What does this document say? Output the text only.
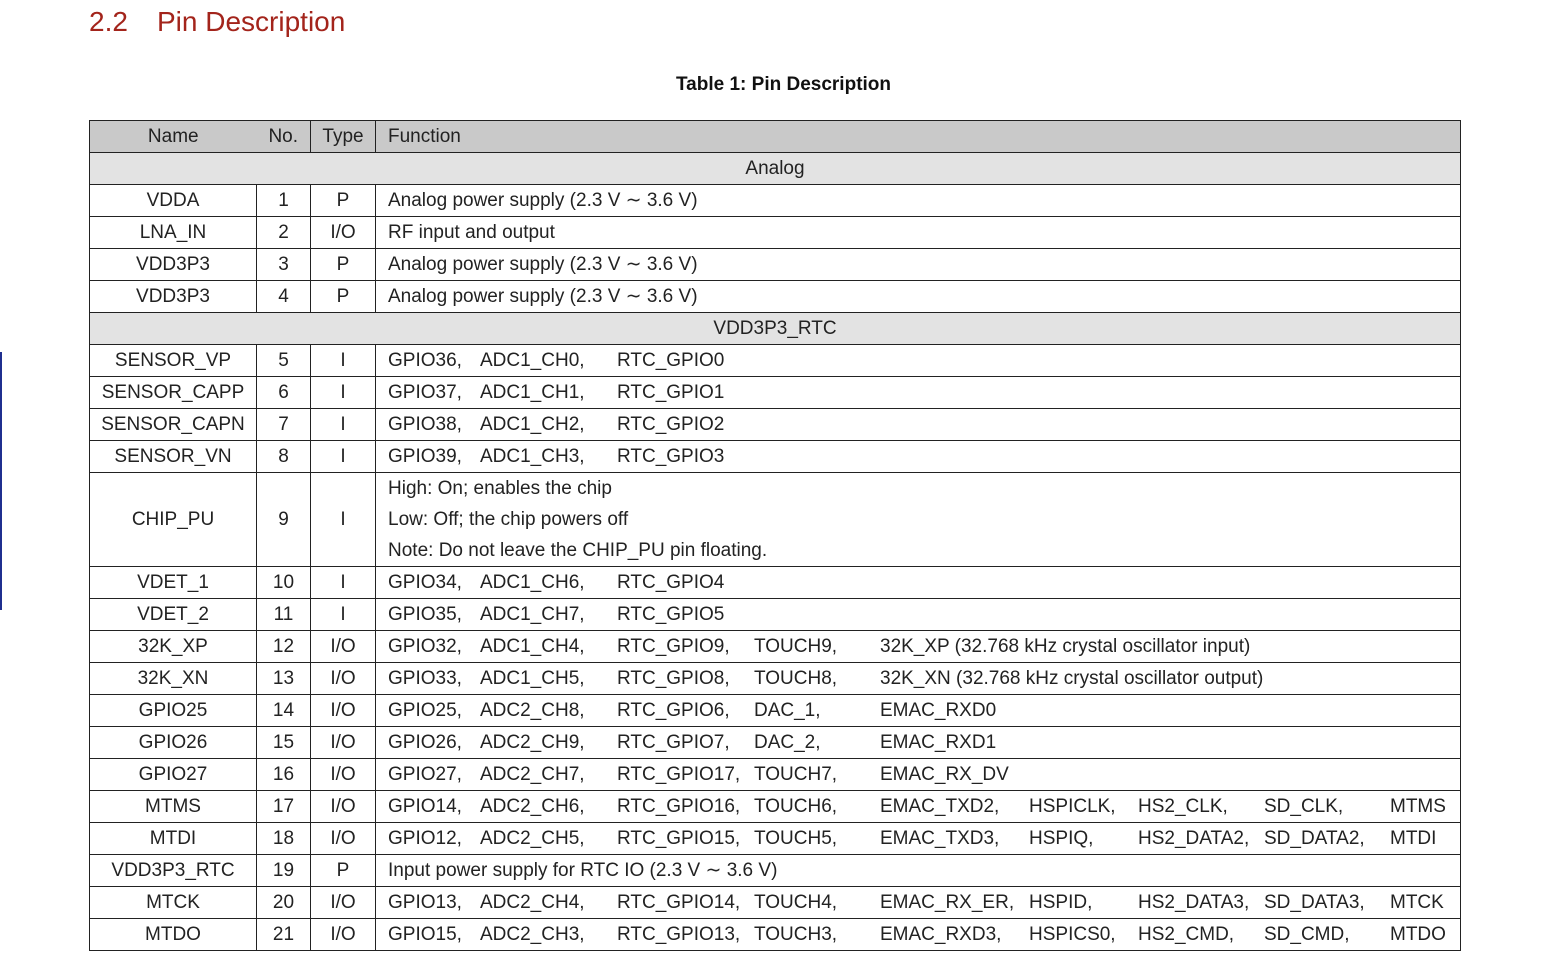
2.2 Pin Description
Table 1: Pin Description
Name	No.	Type	Function
Analog			
VDDA	1	P	Analog power supply (2.3 V ∼ 3.6 V)
LNA_IN	2	I/O	RF input and output
VDD3P3	3	P	Analog power supply (2.3 V ∼ 3.6 V)
VDD3P3	4	P	Analog power supply (2.3 V ∼ 3.6 V)
VDD3P3_RTC			
SENSOR_VP	5	I	GPIO36, ADC1_CH0, RTC_GPIO0
SENSOR_CAPP	6	I	GPIO37, ADC1_CH1, RTC_GPIO1
SENSOR_CAPN	7	I	GPIO38, ADC1_CH2, RTC_GPIO2
SENSOR_VN	8	I	GPIO39, ADC1_CH3, RTC_GPIO3
CHIP_PU	9	I	High: On; enables the chip
Low: Off; the chip powers off
Note: Do not leave the CHIP_PU pin floating.

VDET_1	10	I	GPIO34, ADC1_CH6, RTC_GPIO4
VDET_2	11	I	GPIO35, ADC1_CH7, RTC_GPIO5
32K_XP	12	I/O	GPIO32, ADC1_CH4, RTC_GPIO9, TOUCH9, 32K_XP (32.768 kHz crystal oscillator input)
32K_XN	13	I/O	GPIO33, ADC1_CH5, RTC_GPIO8, TOUCH8, 32K_XN (32.768 kHz crystal oscillator output)
GPIO25	14	I/O	GPIO25, ADC2_CH8, RTC_GPIO6, DAC_1, EMAC_RXD0
GPIO26	15	I/O	GPIO26, ADC2_CH9, RTC_GPIO7, DAC_2, EMAC_RXD1
GPIO27	16	I/O	GPIO27, ADC2_CH7, RTC_GPIO17, TOUCH7, EMAC_RX_DV
MTMS	17	I/O	GPIO14, ADC2_CH6, RTC_GPIO16, TOUCH6, EMAC_TXD2, HSPICLK, HS2_CLK, SD_CLK, MTMS
MTDI	18	I/O	GPIO12, ADC2_CH5, RTC_GPIO15, TOUCH5, EMAC_TXD3, HSPIQ, HS2_DATA2, SD_DATA2, MTDI
VDD3P3_RTC	19	P	Input power supply for RTC IO (2.3 V ∼ 3.6 V)
MTCK	20	I/O	GPIO13, ADC2_CH4, RTC_GPIO14, TOUCH4, EMAC_RX_ER, HSPID, HS2_DATA3, SD_DATA3, MTCK
MTDO	21	I/O	GPIO15, ADC2_CH3, RTC_GPIO13, TOUCH3, EMAC_RXD3, HSPICS0, HS2_CMD, SD_CMD, MTDO
